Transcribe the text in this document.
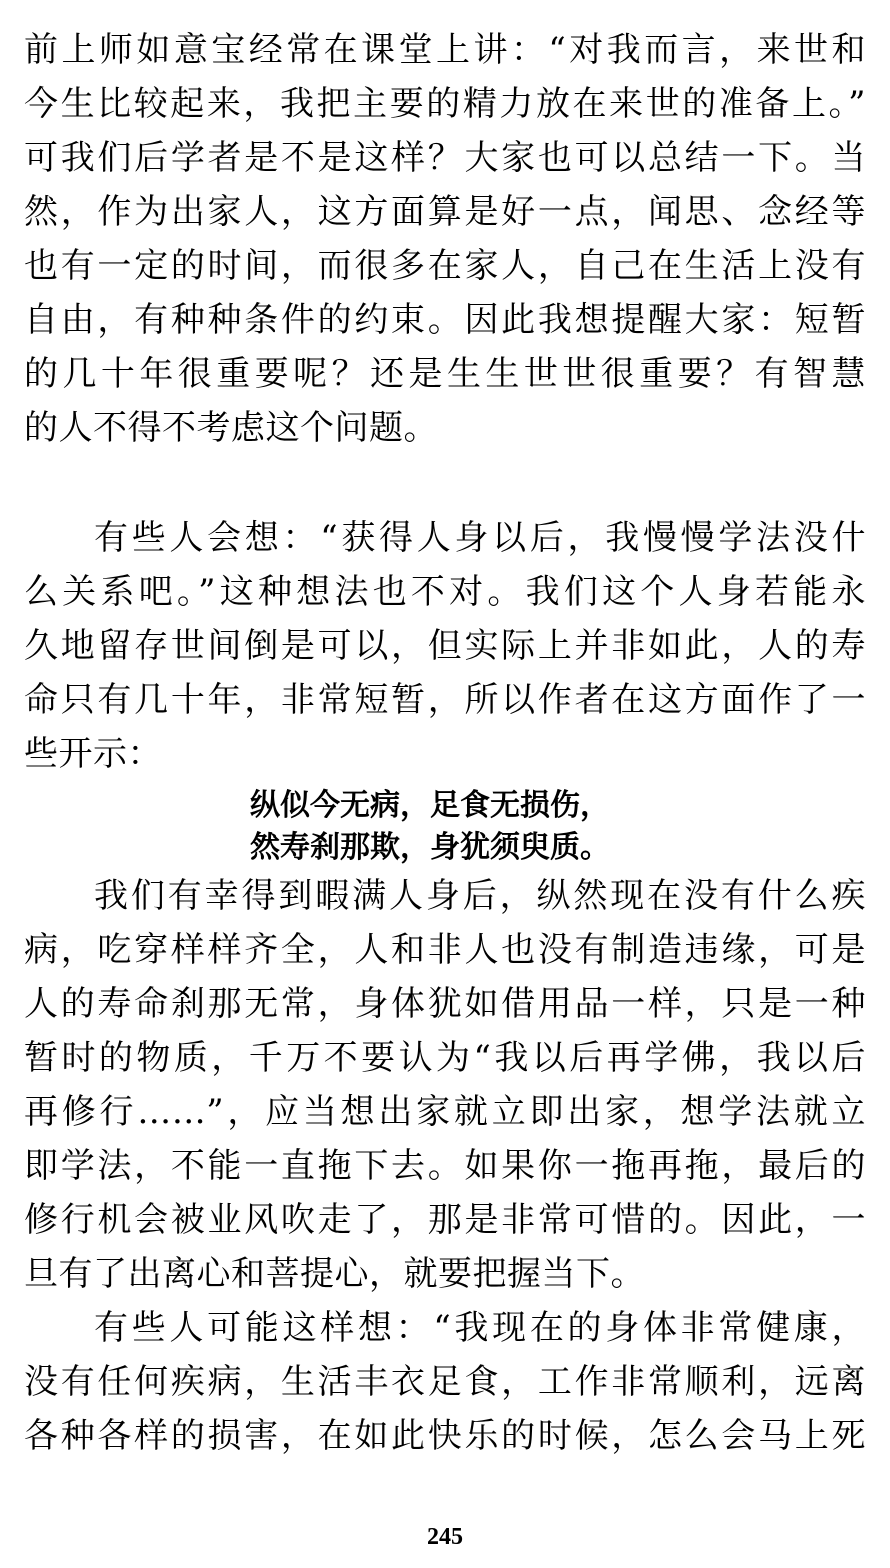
前上师如意宝经常在课堂上讲：“对我而言，来世和
今生比较起来，我把主要的精力放在来世的准备上。”
可我们后学者是不是这样？大家也可以总结一下。当
然，作为出家人，这方面算是好一点，闻思、念经等
也有一定的时间，而很多在家人，自己在生活上没有
自由，有种种条件的约束。因此我想提醒大家：短暂
的几十年很重要呢？还是生生世世很重要？有智慧
的人不得不考虑这个问题。
有些人会想：“获得人身以后，我慢慢学法没什
么关系吧。”这种想法也不对。我们这个人身若能永
久地留存世间倒是可以，但实际上并非如此，人的寿
命只有几十年，非常短暂，所以作者在这方面作了一
些开示：
纵似今无病，足食无损伤，
然寿刹那欺，身犹须臾质。
我们有幸得到暇满人身后，纵然现在没有什么疾
病，吃穿样样齐全，人和非人也没有制造违缘，可是
人的寿命刹那无常，身体犹如借用品一样，只是一种
暂时的物质，千万不要认为“我以后再学佛，我以后
再修行……”，应当想出家就立即出家，想学法就立
即学法，不能一直拖下去。如果你一拖再拖，最后的
修行机会被业风吹走了，那是非常可惜的。因此，一
旦有了出离心和菩提心，就要把握当下。
有些人可能这样想：“我现在的身体非常健康，
没有任何疾病，生活丰衣足食，工作非常顺利，远离
各种各样的损害，在如此快乐的时候，怎么会马上死
245
